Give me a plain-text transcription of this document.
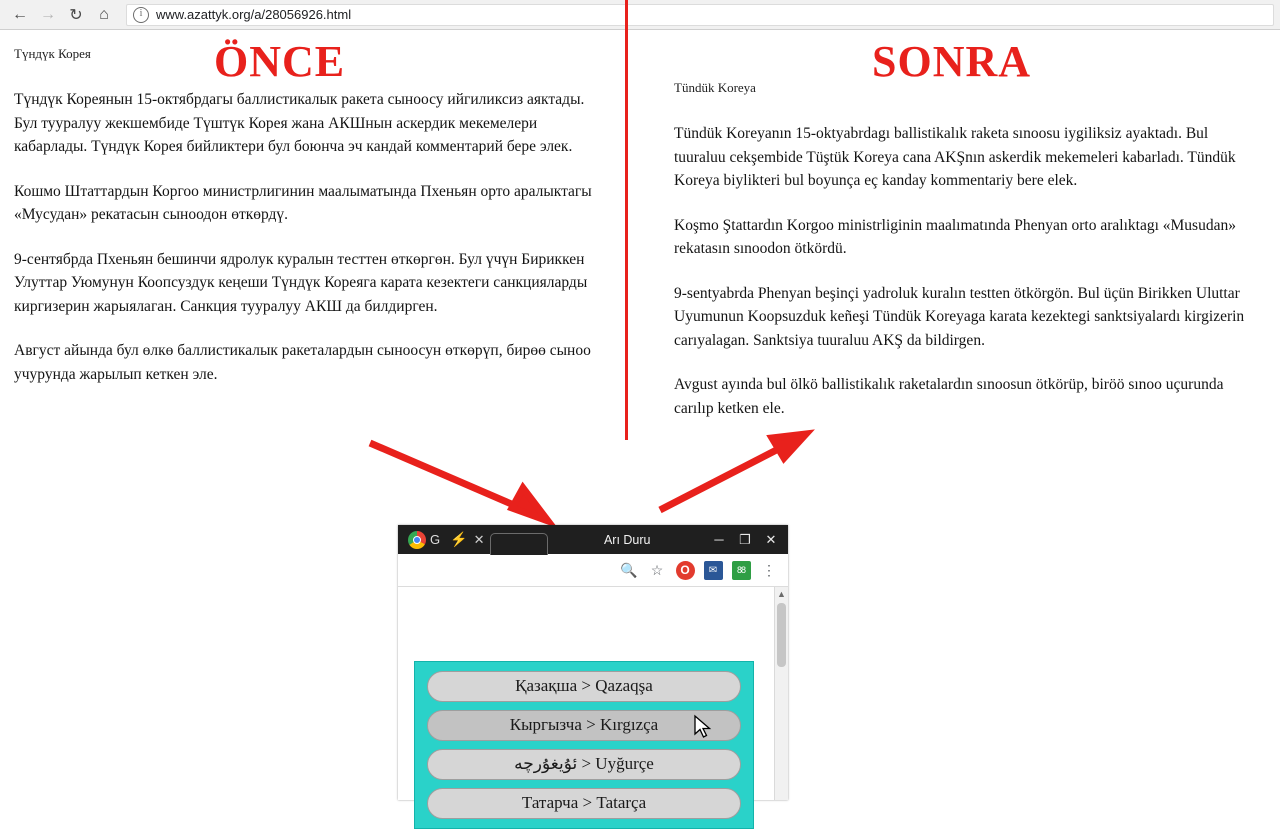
← → ↻	⌂	i	www.azattyk.org/a/28056926.html
ÖNCE	SONRA
Түндүк Корея

Түндүк Кореянын 15-октябрдагы баллистикалык ракета сыноосу ийгиликсиз аяктады. Бул тууралуу жекшембиде Түштүк Корея жана АКШнын аскердик мекемелери кабарлады. Түндүк Корея бийликтери бул боюнча эч кандай комментарий бере элек.

Кошмо Штаттардын Коргоо министрлигинин маалыматында Пхеньян орто аралыктагы «Мусудан» рекатасын сыноодон өткөрдү.

9-сентябрда Пхеньян бешинчи ядролук куралын тесттен өткөргөн. Бул үчүн Бириккен Улуттар Уюмунун Коопсуздук кеңеши Түндүк Кореяга карата кезектеги санкцияларды киргизерин жарыялаган. Санкция тууралуу АКШ да билдирген.

Август айында бул өлкө баллистикалык ракеталардын сыноосун өткөрүп, бирөө сыноо учурунда жарылып кеткен эле.

Tündük Koreya

Tündük Koreyanın 15-oktyabrdagı ballistikalık raketa sınoosu iygiliksiz ayaktadı. Bul tuuraluu cekşembide Tüştük Koreya cana AKŞnın askerdik mekemeleri kabarladı. Tündük Koreya biylikteri bul boyunça eç kanday kommentariy bere elek.

Koşmo Ştattardın Korgoo ministrliginin maalımatında Phenyan orto aralıktagı «Musudan» rekatasın sınoodon ötkördü.

9-sentyabrda Phenyan beşinçi yadroluk kuralın testten ötkörgön. Bul üçün Birikken Uluttar Uyumunun Koopsuzduk keñeşi Tündük Koreyaga karata kezektegi sanktsiyalardı kirgizerin carıyalagan. Sanktsiya tuuraluu AKŞ da bildirgen.

Avgust ayında bul ölkö ballistikalık raketalardın sınoosun ötkörüp, biröö sınoo uçurunda carılıp ketken ele.

G ⚡ ✕	Arı Duru	─	❐	✕
🔍 ☆	O	✉	88	⋮
Қазақша > Qazaqşa
Кыргызча > Kırgızça
ئۇيغۇرچە > Uyğurçe
Татарча > Tatarça
▲
